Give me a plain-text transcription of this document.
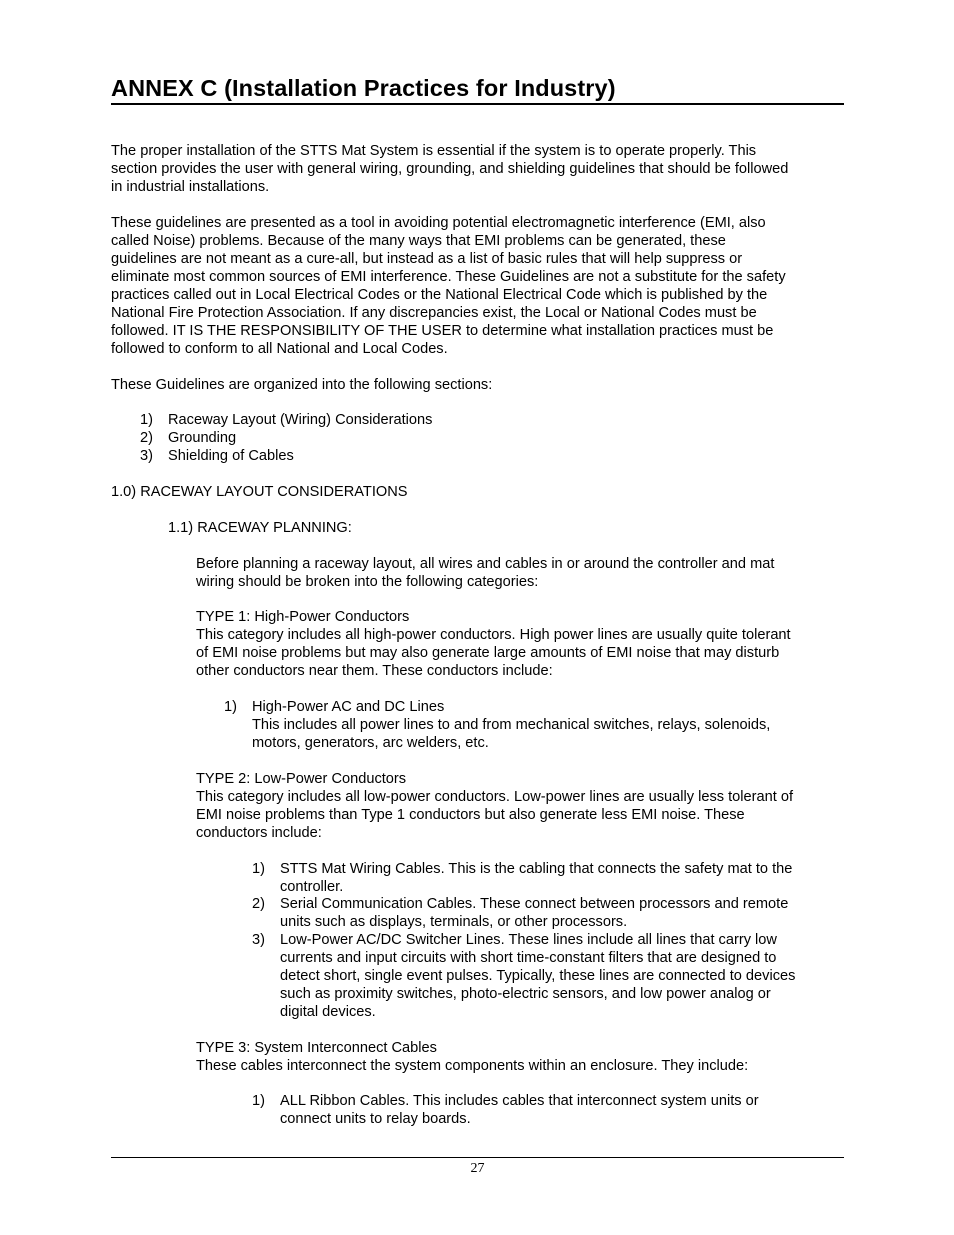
ANNEX C (Installation Practices for Industry)
The proper installation of the STTS Mat System is essential if the system is to operate properly. This
section provides the user with general wiring, grounding, and shielding guidelines that should be followed
in industrial installations.
These guidelines are presented as a tool in avoiding potential electromagnetic interference (EMI, also
called Noise) problems. Because of the many ways that EMI problems can be generated, these
guidelines are not meant as a cure-all, but instead as a list of basic rules that will help suppress or
eliminate most common sources of EMI interference. These Guidelines are not a substitute for the safety
practices called out in Local Electrical Codes or the National Electrical Code which is published by the
National Fire Protection Association. If any discrepancies exist, the Local or National Codes must be
followed. IT IS THE RESPONSIBILITY OF THE USER to determine what installation practices must be
followed to conform to all National and Local Codes.
These Guidelines are organized into the following sections:
1) Raceway Layout (Wiring) Considerations
2) Grounding
3) Shielding of Cables
1.0) RACEWAY LAYOUT CONSIDERATIONS
1.1) RACEWAY PLANNING:
Before planning a raceway layout, all wires and cables in or around the controller and mat
wiring should be broken into the following categories:
TYPE 1: High-Power Conductors
This category includes all high-power conductors. High power lines are usually quite tolerant
of EMI noise problems but may also generate large amounts of EMI noise that may disturb
other conductors near them. These conductors include:
1) High-Power AC and DC Lines
This includes all power lines to and from mechanical switches, relays, solenoids,
motors, generators, arc welders, etc.
TYPE 2: Low-Power Conductors
This category includes all low-power conductors. Low-power lines are usually less tolerant of
EMI noise problems than Type 1 conductors but also generate less EMI noise. These
conductors include:
1) STTS Mat Wiring Cables. This is the cabling that connects the safety mat to the
controller.
2) Serial Communication Cables. These connect between processors and remote
units such as displays, terminals, or other processors.
3) Low-Power AC/DC Switcher Lines. These lines include all lines that carry low
currents and input circuits with short time-constant filters that are designed to
detect short, single event pulses. Typically, these lines are connected to devices
such as proximity switches, photo-electric sensors, and low power analog or
digital devices.
TYPE 3: System Interconnect Cables
These cables interconnect the system components within an enclosure. They include:
1) ALL Ribbon Cables. This includes cables that interconnect system units or
connect units to relay boards.
27
